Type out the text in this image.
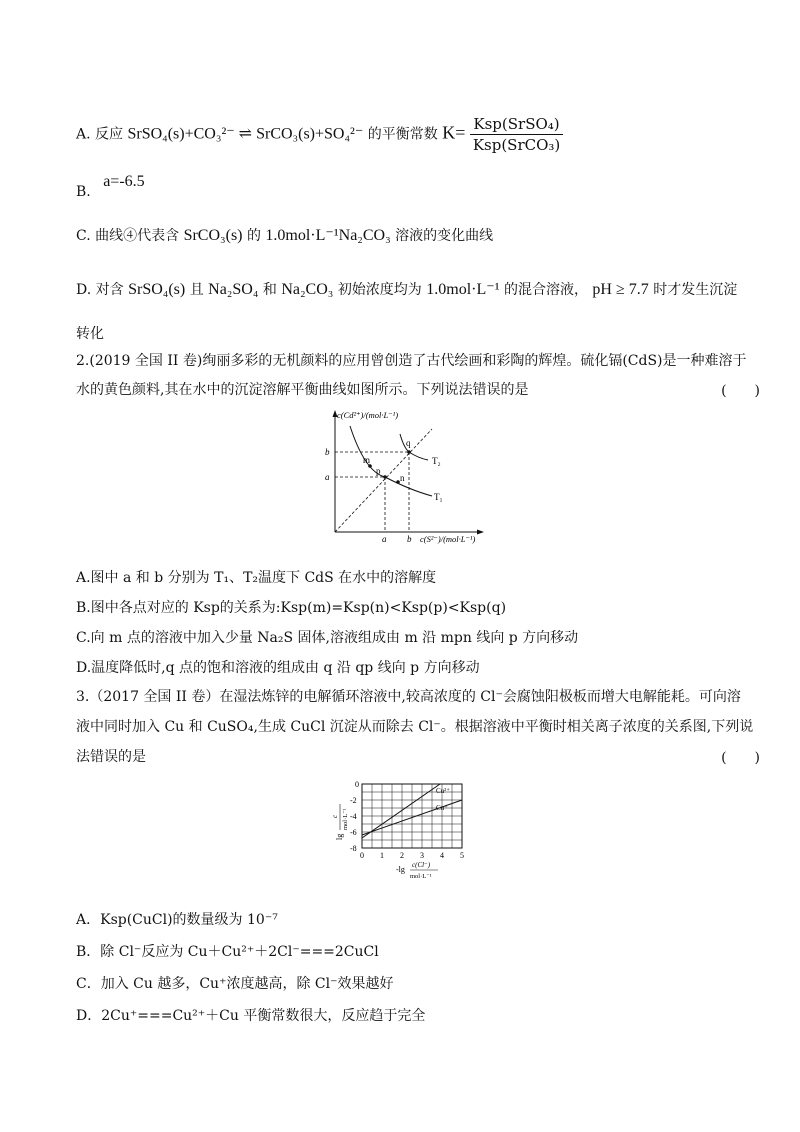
A. 反应 SrSO₄(s)+CO₃²⁻ ⇌ SrCO₃(s)+SO₄²⁻ 的平衡常数 $K= \frac{\text{Ksp(SrSO₄)}}{\text{Ksp(SrCO₃)}}$
B. a=-6.5
C. 曲线④代表含 SrCO₃(s) 的 1.0mol·L⁻¹Na₂CO₃ 溶液的变化曲线
D. 对含 SrSO₄(s) 且 Na₂SO₄ 和 Na₂CO₃ 初始浓度均为 1.0mol·L⁻¹ 的混合溶液， pH ≥ 7.7 时才发生沉淀
转化
2.(2019 全国 II 卷)绚丽多彩的无机颜料的应用曾创造了古代绘画和彩陶的辉煌。硫化镉(CdS)是一种难溶于
水的黄色颜料,其在水中的沉淀溶解平衡曲线如图所示。下列说法错误的是	(　　)
c(Cd²⁺)/(mol·L⁻¹)
c(S²⁻)/(mol·L⁻¹)
b
a
a b
m
p
n
q
T₂
T₁
A.图中 a 和 b 分别为 T₁、T₂温度下 CdS 在水中的溶解度
B.图中各点对应的 Ksp的关系为:Ksp(m)=Ksp(n)<Ksp(p)<Ksp(q)
C.向 m 点的溶液中加入少量 Na₂S 固体,溶液组成由 m 沿 mpn 线向 p 方向移动
D.温度降低时,q 点的饱和溶液的组成由 q 沿 qp 线向 p 方向移动
3.（2017 全国 II 卷）在湿法炼锌的电解循环溶液中,较高浓度的 Cl⁻会腐蚀阳极板而增大电解能耗。可向溶
液中同时加入 Cu 和 CuSO₄,生成 CuCl 沉淀从而除去 Cl⁻。根据溶液中平衡时相关离子浓度的关系图,下列说
法错误的是	(　　)
Cu²⁺
Cu⁺
0
-2
-4
-6
-8
0 1 2 3 4 5
lg
c mol·L⁻¹
-lg c(Cl⁻)
mol·L⁻¹
A．Ksp(CuCl)的数量级为 10⁻⁷
B．除 Cl⁻反应为 Cu＋Cu²⁺＋2Cl⁻===2CuCl
C．加入 Cu 越多，Cu⁺浓度越高，除 Cl⁻效果越好
D．2Cu⁺===Cu²⁺＋Cu 平衡常数很大，反应趋于完全
